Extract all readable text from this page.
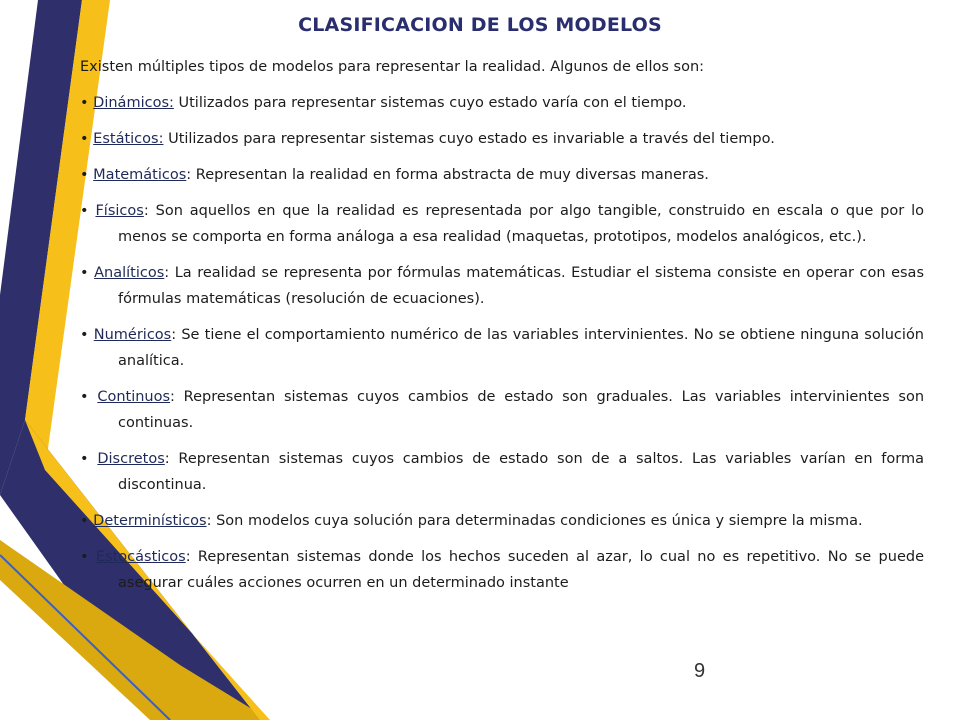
CLASIFICACION DE LOS MODELOS

Existen múltiples tipos de modelos para representar la realidad. Algunos de ellos son:

• Dinámicos: Utilizados para representar sistemas cuyo estado varía con el tiempo.

• Estáticos: Utilizados para representar sistemas cuyo estado es invariable a través del tiempo.

• Matemáticos: Representan la realidad en forma abstracta de muy diversas maneras.

• Físicos: Son aquellos en que la realidad es representada por algo tangible, construido en escala o que por lo menos se comporta en forma análoga a esa realidad (maquetas, prototipos, modelos analógicos, etc.).

• Analíticos: La realidad se representa por fórmulas matemáticas. Estudiar el sistema consiste en operar con esas fórmulas matemáticas (resolución de ecuaciones).

• Numéricos: Se tiene el comportamiento numérico de las variables intervinientes. No se obtiene ninguna solución analítica.

• Continuos: Representan sistemas cuyos cambios de estado son graduales. Las variables intervinientes son continuas.

• Discretos: Representan sistemas cuyos cambios de estado son de a saltos. Las variables varían en forma discontinua.

• Determinísticos: Son modelos cuya solución para determinadas condiciones es única y siempre la misma.

• Estocásticos: Representan sistemas donde los hechos suceden al azar, lo cual no es repetitivo. No se puede asegurar cuáles acciones ocurren en un determinado instante

9
